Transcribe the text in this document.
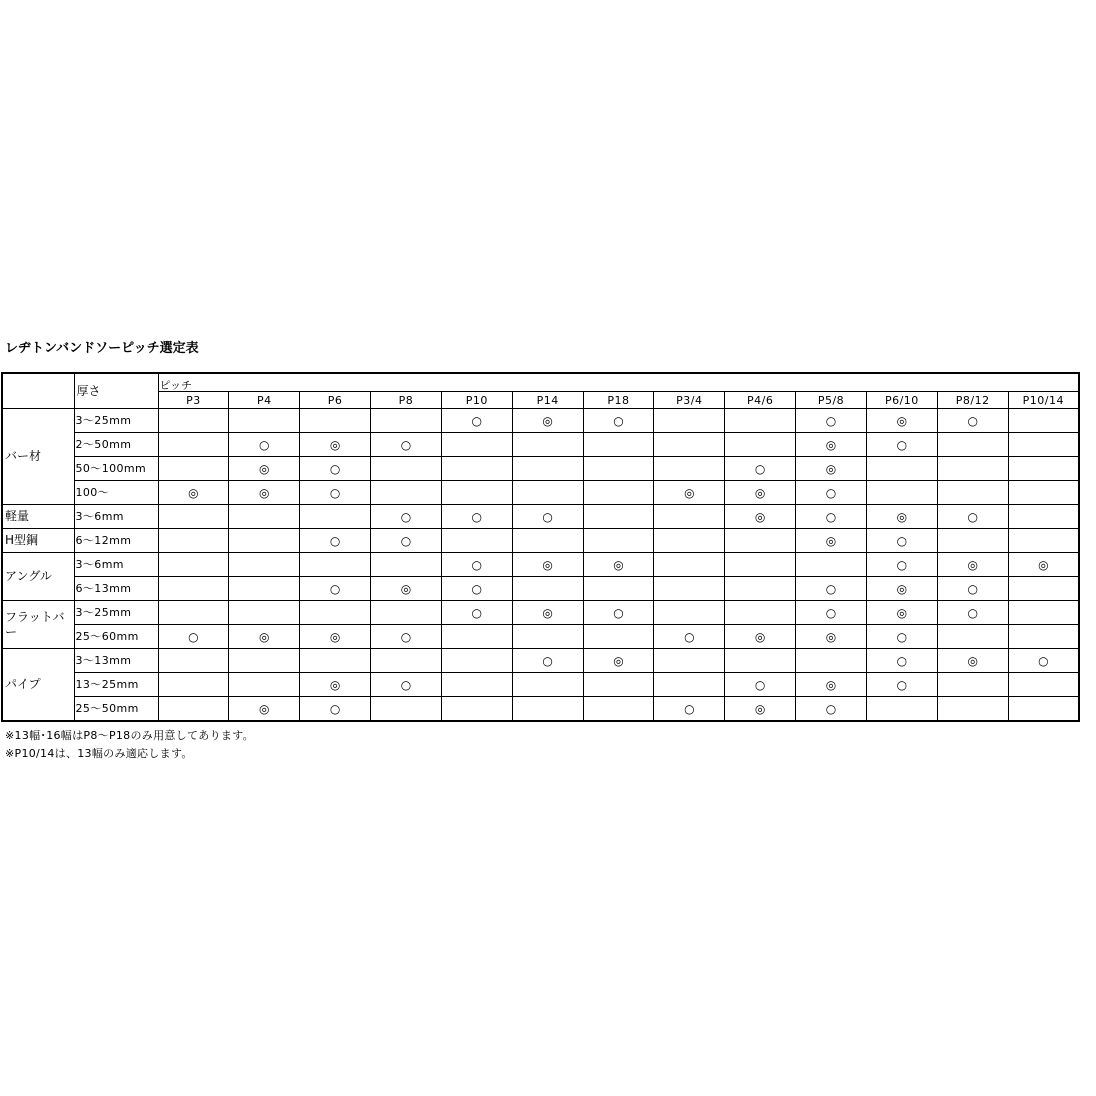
レヂトンバンドソーピッチ選定表
	厚さ	ピッチ												
		P3	P4	P6	P8	P10	P14	P18	P3/4	P4/6	P5/8	P6/10	P8/12	P10/14
バー材	3〜25mm					○	◎	○			○	◎	○	
	2〜50mm		○	◎	○						◎	○		
	50〜100mm		◎	○						○	◎			
	100〜	◎	◎	○					◎	◎	○			
軽量	3〜6mm				○	○	○			◎	○	◎	○	
H型鋼	6〜12mm			○	○						◎	○		
アングル	3〜6mm					○	◎	◎				○	◎	◎
	6〜13mm			○	◎	○					○	◎	○	
フラットバー	3〜25mm					○	◎	○			○	◎	○	
	25〜60mm	○	◎	◎	○				○	◎	◎	○		
パイプ	3〜13mm						○	◎				○	◎	○
	13〜25mm			◎	○					○	◎	○		
	25〜50mm		◎	○					○	◎	○			
※13幅･16幅はP8〜P18のみ用意してあります。
※P10/14は、13幅のみ適応します。
